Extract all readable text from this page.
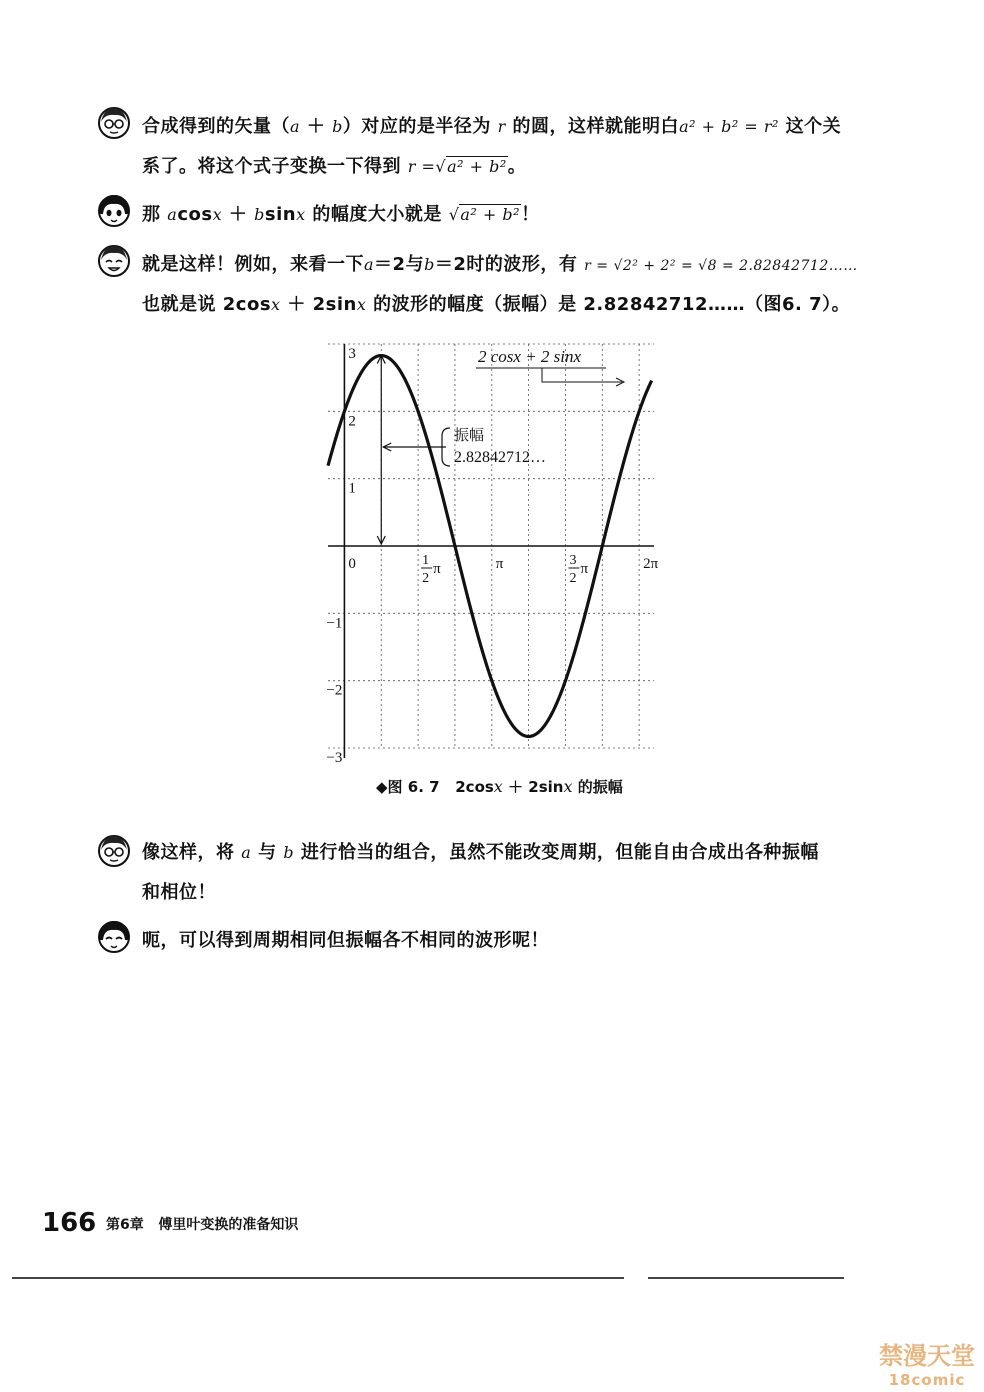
合成得到的矢量（a ＋ b）对应的是半径为 r 的圆，这样就能明白a² + b² = r² 这个关
系了。将这个式子变换一下得到 r =√a² + b²。
那 acosx ＋ bsinx 的幅度大小就是 √a² + b²！
就是这样！例如，来看一下a＝2与b＝2时的波形，有 r = √2² + 2² = √8 = 2.82842712……
也就是说 2cosx ＋ 2sinx 的波形的幅度（振幅）是 2.82842712……（图6. 7）。
0	1
2
π	π	3
2
π	2π
3
2
1
−1
−2
−3
振幅
2.82842712…
2 cosx + 2 sinx
◆图 6. 7 2cosx ＋ 2sinx 的振幅
像这样，将 a 与 b 进行恰当的组合，虽然不能改变周期，但能自由合成出各种振幅
和相位！
呃，可以得到周期相同但振幅各不相同的波形呢！
166 第6章 傅里叶变换的准备知识
禁漫天堂
18comic
